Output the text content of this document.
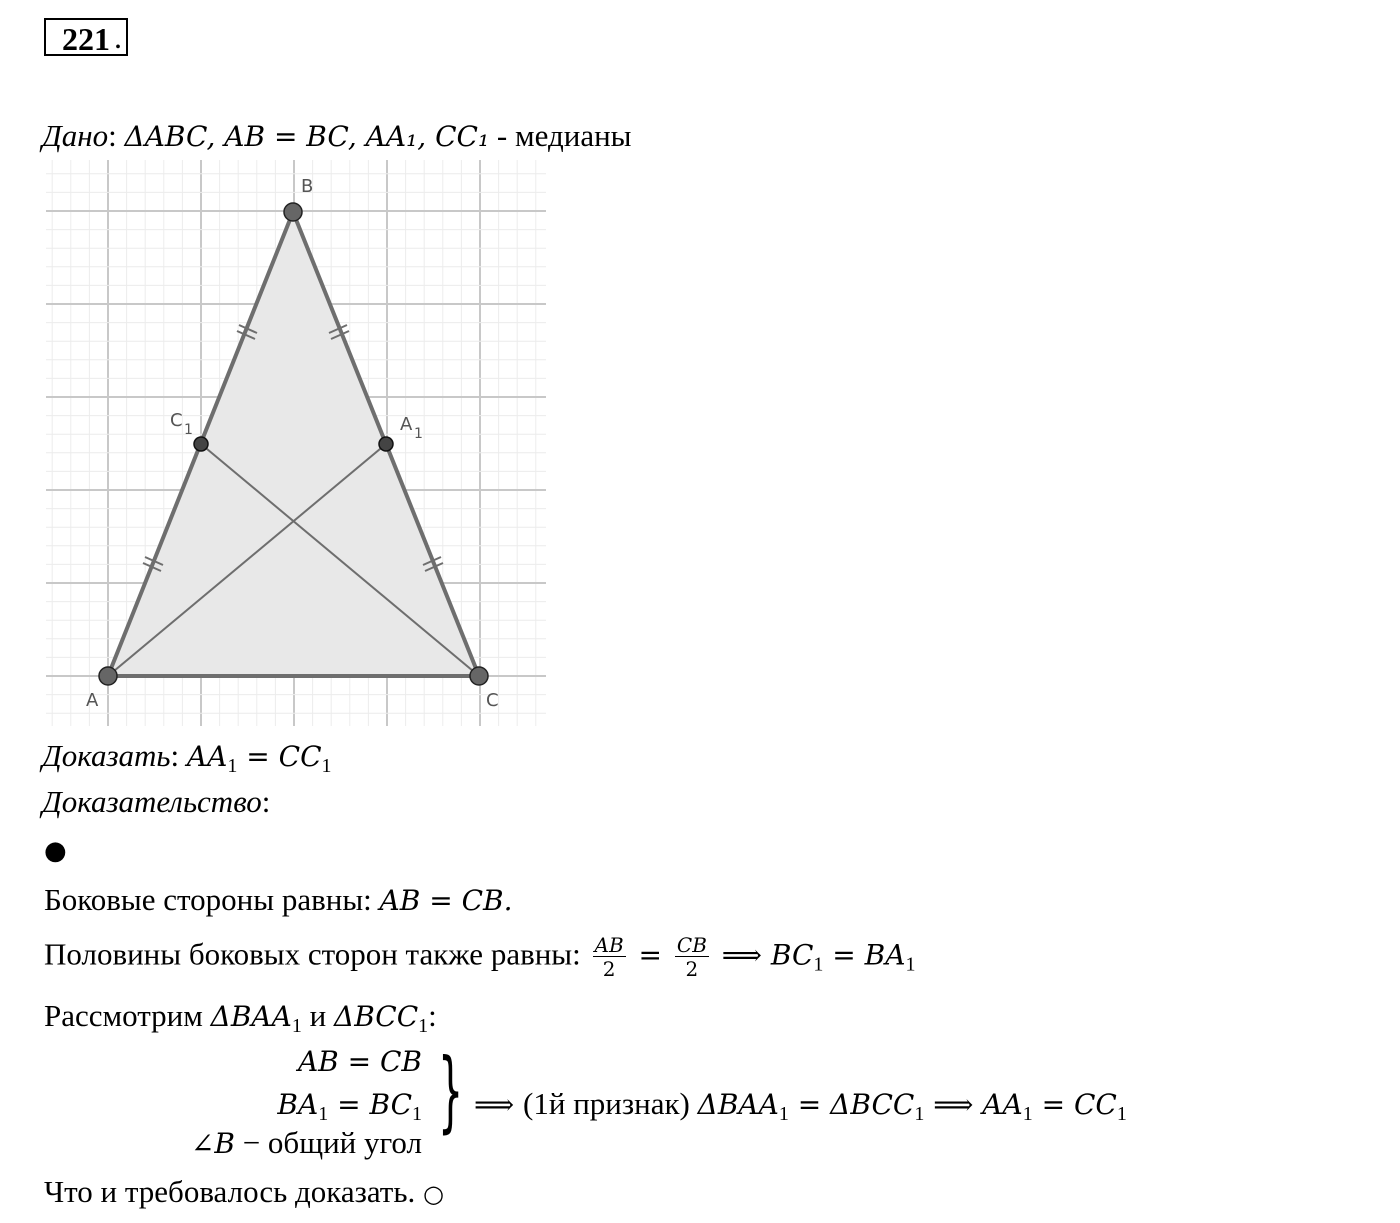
221 .
Дано: ΔABC, AB = BC, AA₁, CC₁ - медианы
B
A	C
C 1	A 1
Доказать: $AA_1 = CC_1$
Доказательство:
●
Боковые стороны равны: AB = CB.
Половины боковых сторон также равны: $\frac{AB}{2} = \frac{CB}{2}$ ⟹ $BC_1 = BA_1$
Рассмотрим $\Delta BAA_1$ и $\Delta BCC_1$:
AB = CB
$BA_1 = BC_1$
∠B − общий угол
} ⟹ (1й признак) $\Delta BAA_1 = \Delta BCC_1$ ⟹ $AA_1 = CC_1$
Что и требовалось доказать. ○
